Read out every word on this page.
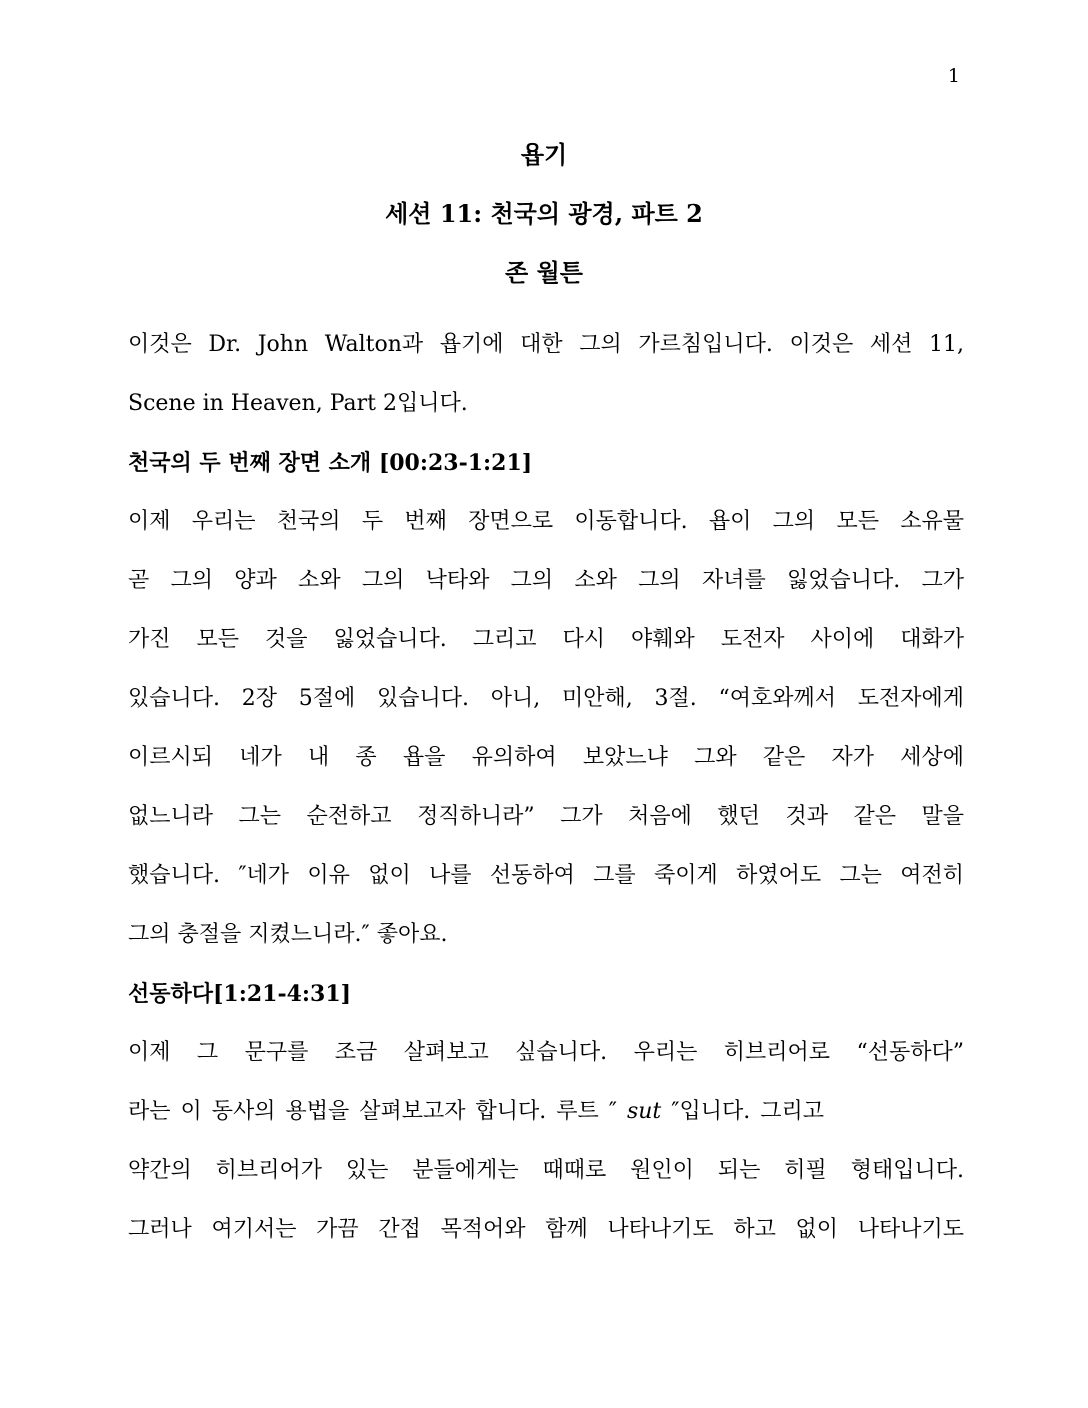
1
욥기
세션 11: 천국의 광경, 파트 2
존 월튼
이것은 Dr. John Walton과 욥기에 대한 그의 가르침입니다. 이것은 세션 11,
Scene in Heaven, Part 2입니다.
천국의 두 번째 장면 소개 [00:23-1:21]
이제 우리는 천국의 두 번째 장면으로 이동합니다. 욥이 그의 모든 소유물
곧 그의 양과 소와 그의 낙타와 그의 소와 그의 자녀를 잃었습니다. 그가
가진 모든 것을 잃었습니다. 그리고 다시 야훼와 도전자 사이에 대화가
있습니다. 2장 5절에 있습니다. 아니, 미안해, 3절. “여호와께서 도전자에게
이르시되 네가 내 종 욥을 유의하여 보았느냐 그와 같은 자가 세상에
없느니라 그는 순전하고 정직하니라” 그가 처음에 했던 것과 같은 말을
했습니다. ″네가 이유 없이 나를 선동하여 그를 죽이게 하였어도 그는 여전히
그의 충절을 지켰느니라.″ 좋아요.
선동하다[1:21-4:31]
이제 그 문구를 조금 살펴보고 싶습니다. 우리는 히브리어로 “선동하다”
라는 이 동사의 용법을 살펴보고자 합니다. 루트 ″ sut ″입니다. 그리고
약간의 히브리어가 있는 분들에게는 때때로 원인이 되는 히필 형태입니다.
그러나 여기서는 가끔 간접 목적어와 함께 나타나기도 하고 없이 나타나기도
